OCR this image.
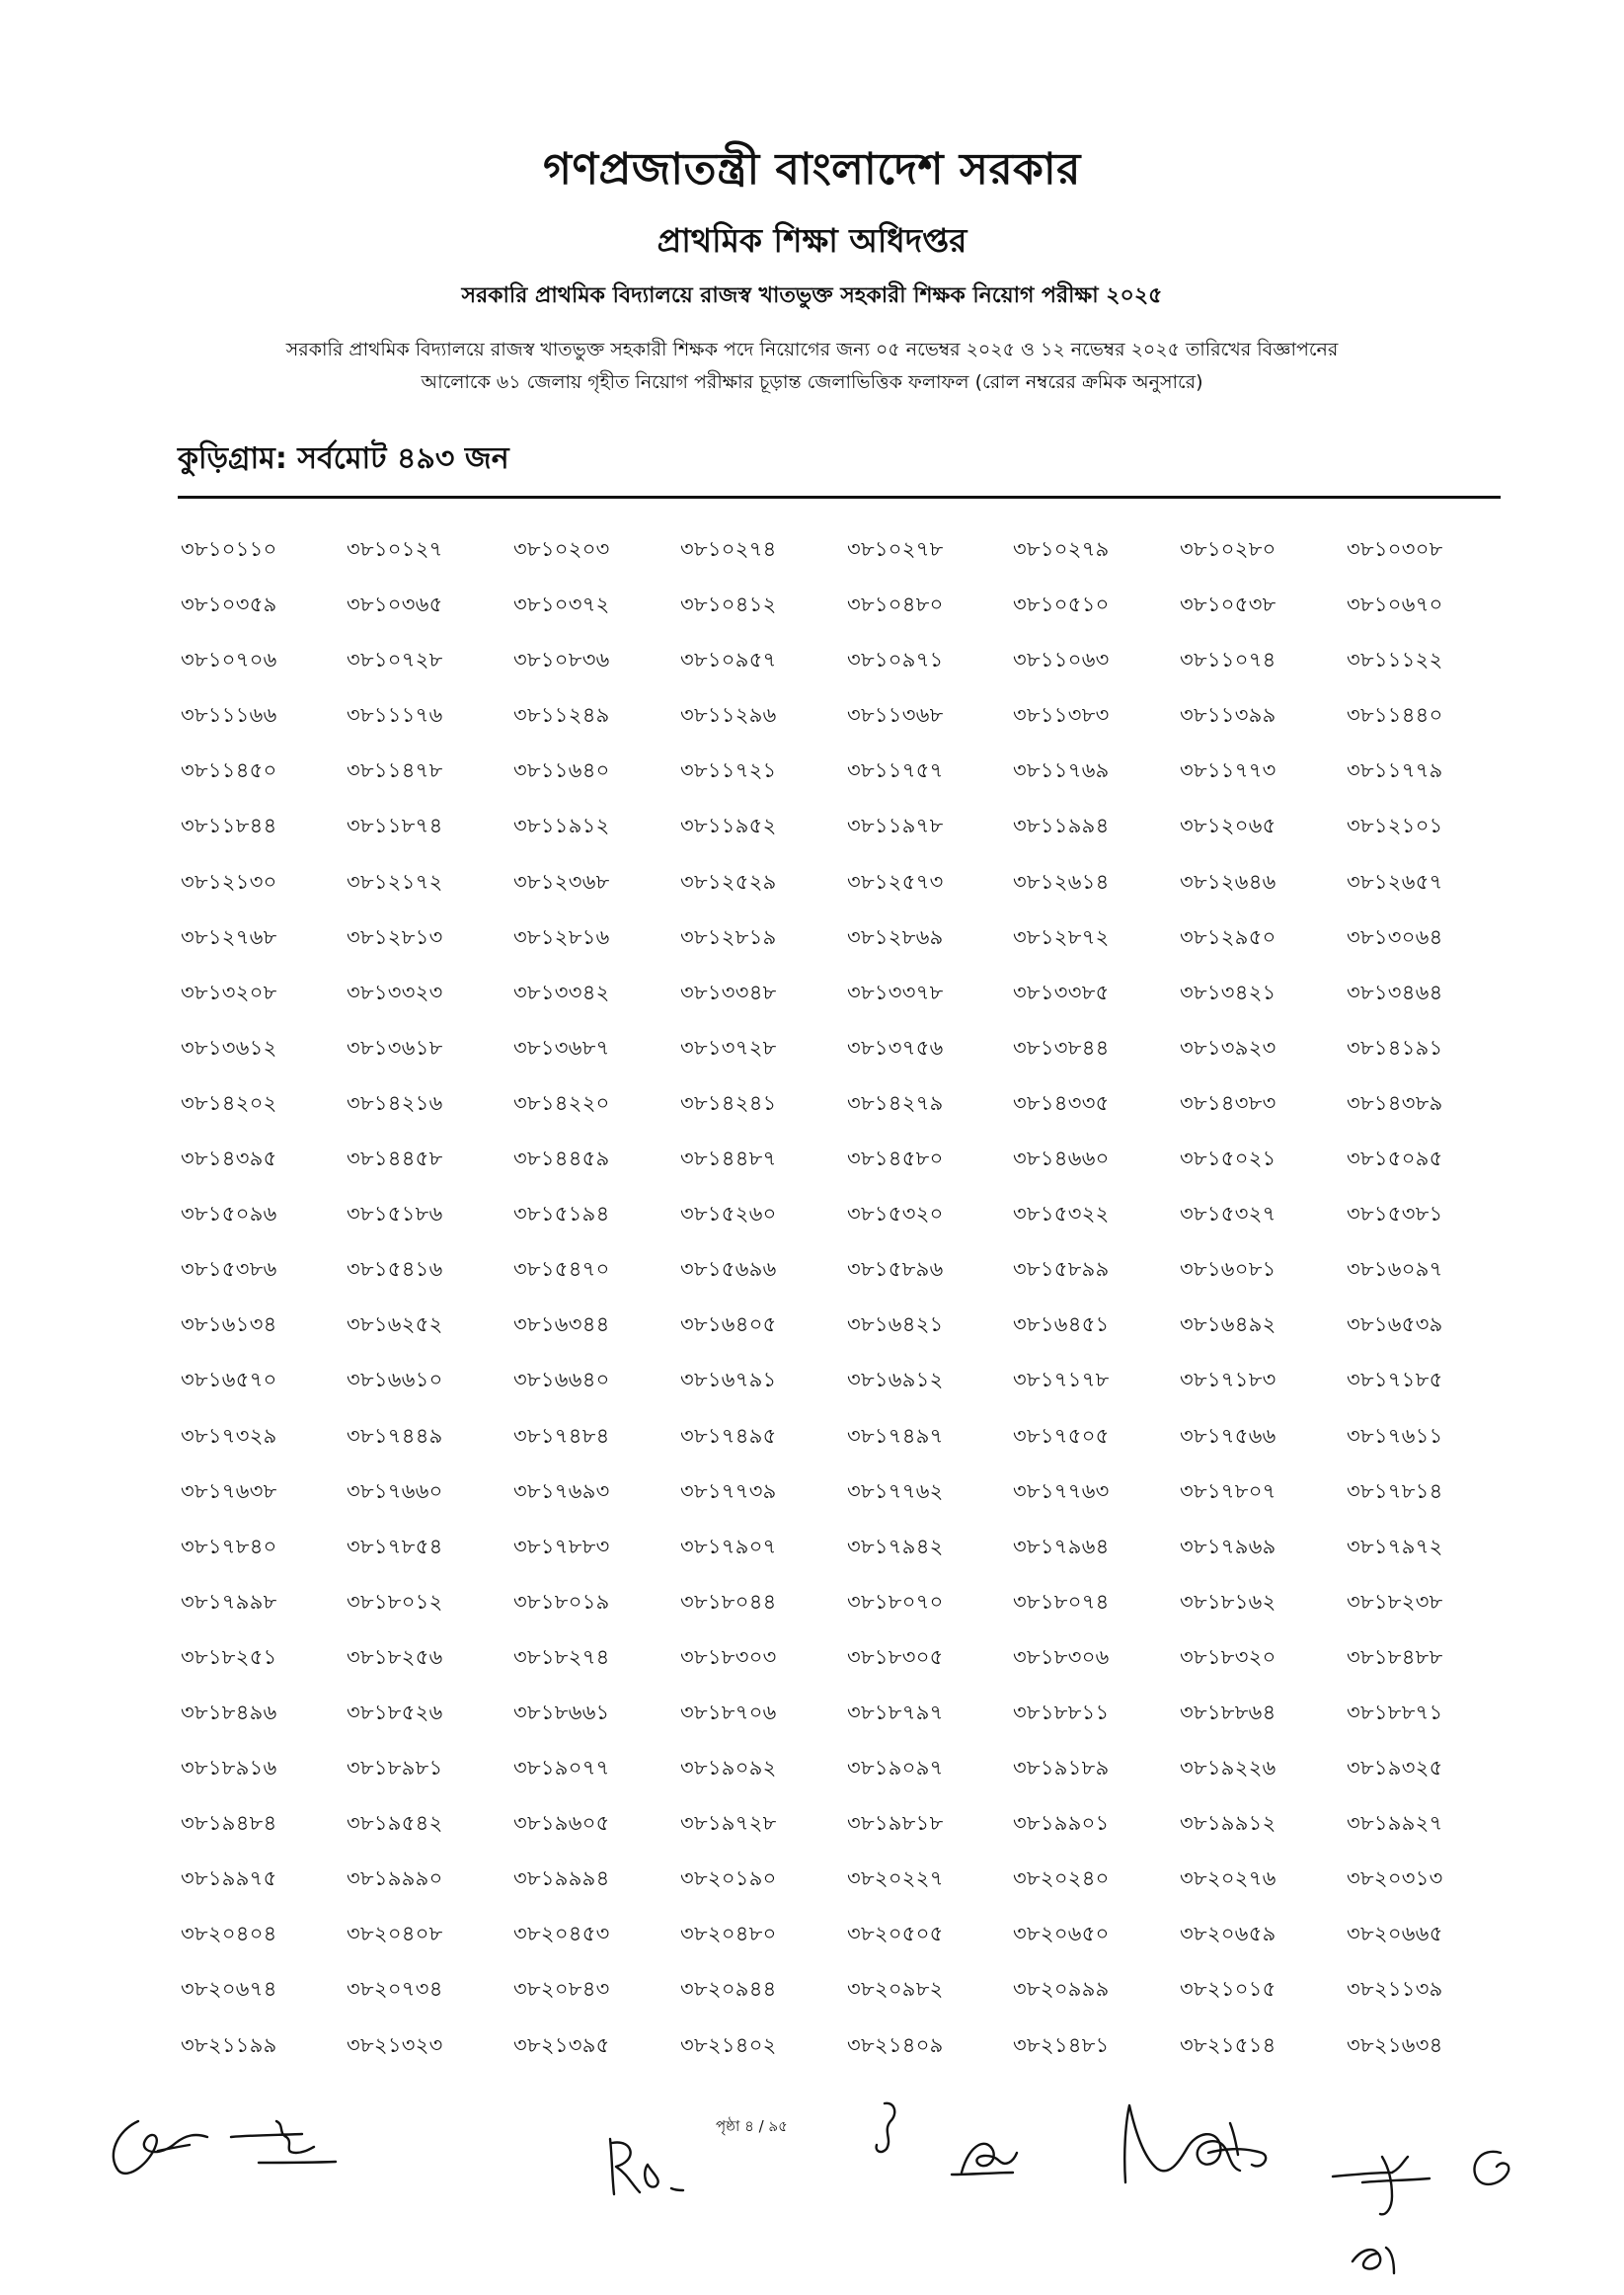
গণপ্রজাতন্ত্রী বাংলাদেশ সরকার
প্রাথমিক শিক্ষা অধিদপ্তর
সরকারি প্রাথমিক বিদ্যালয়ে রাজস্ব খাতভুক্ত সহকারী শিক্ষক নিয়োগ পরীক্ষা ২০২৫
সরকারি প্রাথমিক বিদ্যালয়ে রাজস্ব খাতভুক্ত সহকারী শিক্ষক পদে নিয়োগের জন্য ০৫ নভেম্বর ২০২৫ ও ১২ নভেম্বর ২০২৫ তারিখের বিজ্ঞাপনের
আলোকে ৬১ জেলায় গৃহীত নিয়োগ পরীক্ষার চূড়ান্ত জেলাভিত্তিক ফলাফল (রোল নম্বরের ক্রমিক অনুসারে)
কুড়িগ্রাম: সর্বমোট ৪৯৩ জন
৩৮১০১১০	৩৮১০১২৭	৩৮১০২০৩	৩৮১০২৭৪	৩৮১০২৭৮	৩৮১০২৭৯	৩৮১০২৮০	৩৮১০৩০৮
৩৮১০৩৫৯	৩৮১০৩৬৫	৩৮১০৩৭২	৩৮১০৪১২	৩৮১০৪৮০	৩৮১০৫১০	৩৮১০৫৩৮	৩৮১০৬৭০
৩৮১০৭০৬	৩৮১০৭২৮	৩৮১০৮৩৬	৩৮১০৯৫৭	৩৮১০৯৭১	৩৮১১০৬৩	৩৮১১০৭৪	৩৮১১১২২
৩৮১১১৬৬	৩৮১১১৭৬	৩৮১১২৪৯	৩৮১১২৯৬	৩৮১১৩৬৮	৩৮১১৩৮৩	৩৮১১৩৯৯	৩৮১১৪৪০
৩৮১১৪৫০	৩৮১১৪৭৮	৩৮১১৬৪০	৩৮১১৭২১	৩৮১১৭৫৭	৩৮১১৭৬৯	৩৮১১৭৭৩	৩৮১১৭৭৯
৩৮১১৮৪৪	৩৮১১৮৭৪	৩৮১১৯১২	৩৮১১৯৫২	৩৮১১৯৭৮	৩৮১১৯৯৪	৩৮১২০৬৫	৩৮১২১০১
৩৮১২১৩০	৩৮১২১৭২	৩৮১২৩৬৮	৩৮১২৫২৯	৩৮১২৫৭৩	৩৮১২৬১৪	৩৮১২৬৪৬	৩৮১২৬৫৭
৩৮১২৭৬৮	৩৮১২৮১৩	৩৮১২৮১৬	৩৮১২৮১৯	৩৮১২৮৬৯	৩৮১২৮৭২	৩৮১২৯৫০	৩৮১৩০৬৪
৩৮১৩২০৮	৩৮১৩৩২৩	৩৮১৩৩৪২	৩৮১৩৩৪৮	৩৮১৩৩৭৮	৩৮১৩৩৮৫	৩৮১৩৪২১	৩৮১৩৪৬৪
৩৮১৩৬১২	৩৮১৩৬১৮	৩৮১৩৬৮৭	৩৮১৩৭২৮	৩৮১৩৭৫৬	৩৮১৩৮৪৪	৩৮১৩৯২৩	৩৮১৪১৯১
৩৮১৪২০২	৩৮১৪২১৬	৩৮১৪২২০	৩৮১৪২৪১	৩৮১৪২৭৯	৩৮১৪৩৩৫	৩৮১৪৩৮৩	৩৮১৪৩৮৯
৩৮১৪৩৯৫	৩৮১৪৪৫৮	৩৮১৪৪৫৯	৩৮১৪৪৮৭	৩৮১৪৫৮০	৩৮১৪৬৬০	৩৮১৫০২১	৩৮১৫০৯৫
৩৮১৫০৯৬	৩৮১৫১৮৬	৩৮১৫১৯৪	৩৮১৫২৬০	৩৮১৫৩২০	৩৮১৫৩২২	৩৮১৫৩২৭	৩৮১৫৩৮১
৩৮১৫৩৮৬	৩৮১৫৪১৬	৩৮১৫৪৭০	৩৮১৫৬৯৬	৩৮১৫৮৯৬	৩৮১৫৮৯৯	৩৮১৬০৮১	৩৮১৬০৯৭
৩৮১৬১৩৪	৩৮১৬২৫২	৩৮১৬৩৪৪	৩৮১৬৪০৫	৩৮১৬৪২১	৩৮১৬৪৫১	৩৮১৬৪৯২	৩৮১৬৫৩৯
৩৮১৬৫৭০	৩৮১৬৬১০	৩৮১৬৬৪০	৩৮১৬৭৯১	৩৮১৬৯১২	৩৮১৭১৭৮	৩৮১৭১৮৩	৩৮১৭১৮৫
৩৮১৭৩২৯	৩৮১৭৪৪৯	৩৮১৭৪৮৪	৩৮১৭৪৯৫	৩৮১৭৪৯৭	৩৮১৭৫০৫	৩৮১৭৫৬৬	৩৮১৭৬১১
৩৮১৭৬৩৮	৩৮১৭৬৬০	৩৮১৭৬৯৩	৩৮১৭৭৩৯	৩৮১৭৭৬২	৩৮১৭৭৬৩	৩৮১৭৮০৭	৩৮১৭৮১৪
৩৮১৭৮৪০	৩৮১৭৮৫৪	৩৮১৭৮৮৩	৩৮১৭৯০৭	৩৮১৭৯৪২	৩৮১৭৯৬৪	৩৮১৭৯৬৯	৩৮১৭৯৭২
৩৮১৭৯৯৮	৩৮১৮০১২	৩৮১৮০১৯	৩৮১৮০৪৪	৩৮১৮০৭০	৩৮১৮০৭৪	৩৮১৮১৬২	৩৮১৮২৩৮
৩৮১৮২৫১	৩৮১৮২৫৬	৩৮১৮২৭৪	৩৮১৮৩০৩	৩৮১৮৩০৫	৩৮১৮৩০৬	৩৮১৮৩২০	৩৮১৮৪৮৮
৩৮১৮৪৯৬	৩৮১৮৫২৬	৩৮১৮৬৬১	৩৮১৮৭০৬	৩৮১৮৭৯৭	৩৮১৮৮১১	৩৮১৮৮৬৪	৩৮১৮৮৭১
৩৮১৮৯১৬	৩৮১৮৯৮১	৩৮১৯০৭৭	৩৮১৯০৯২	৩৮১৯০৯৭	৩৮১৯১৮৯	৩৮১৯২২৬	৩৮১৯৩২৫
৩৮১৯৪৮৪	৩৮১৯৫৪২	৩৮১৯৬০৫	৩৮১৯৭২৮	৩৮১৯৮১৮	৩৮১৯৯০১	৩৮১৯৯১২	৩৮১৯৯২৭
৩৮১৯৯৭৫	৩৮১৯৯৯০	৩৮১৯৯৯৪	৩৮২০১৯০	৩৮২০২২৭	৩৮২০২৪০	৩৮২০২৭৬	৩৮২০৩১৩
৩৮২০৪০৪	৩৮২০৪০৮	৩৮২০৪৫৩	৩৮২০৪৮০	৩৮২০৫০৫	৩৮২০৬৫০	৩৮২০৬৫৯	৩৮২০৬৬৫
৩৮২০৬৭৪	৩৮২০৭৩৪	৩৮২০৮৪৩	৩৮২০৯৪৪	৩৮২০৯৮২	৩৮২০৯৯৯	৩৮২১০১৫	৩৮২১১৩৯
৩৮২১১৯৯	৩৮২১৩২৩	৩৮২১৩৯৫	৩৮২১৪০২	৩৮২১৪০৯	৩৮২১৪৮১	৩৮২১৫১৪	৩৮২১৬৩৪
পৃষ্ঠা ৪ / ৯৫
